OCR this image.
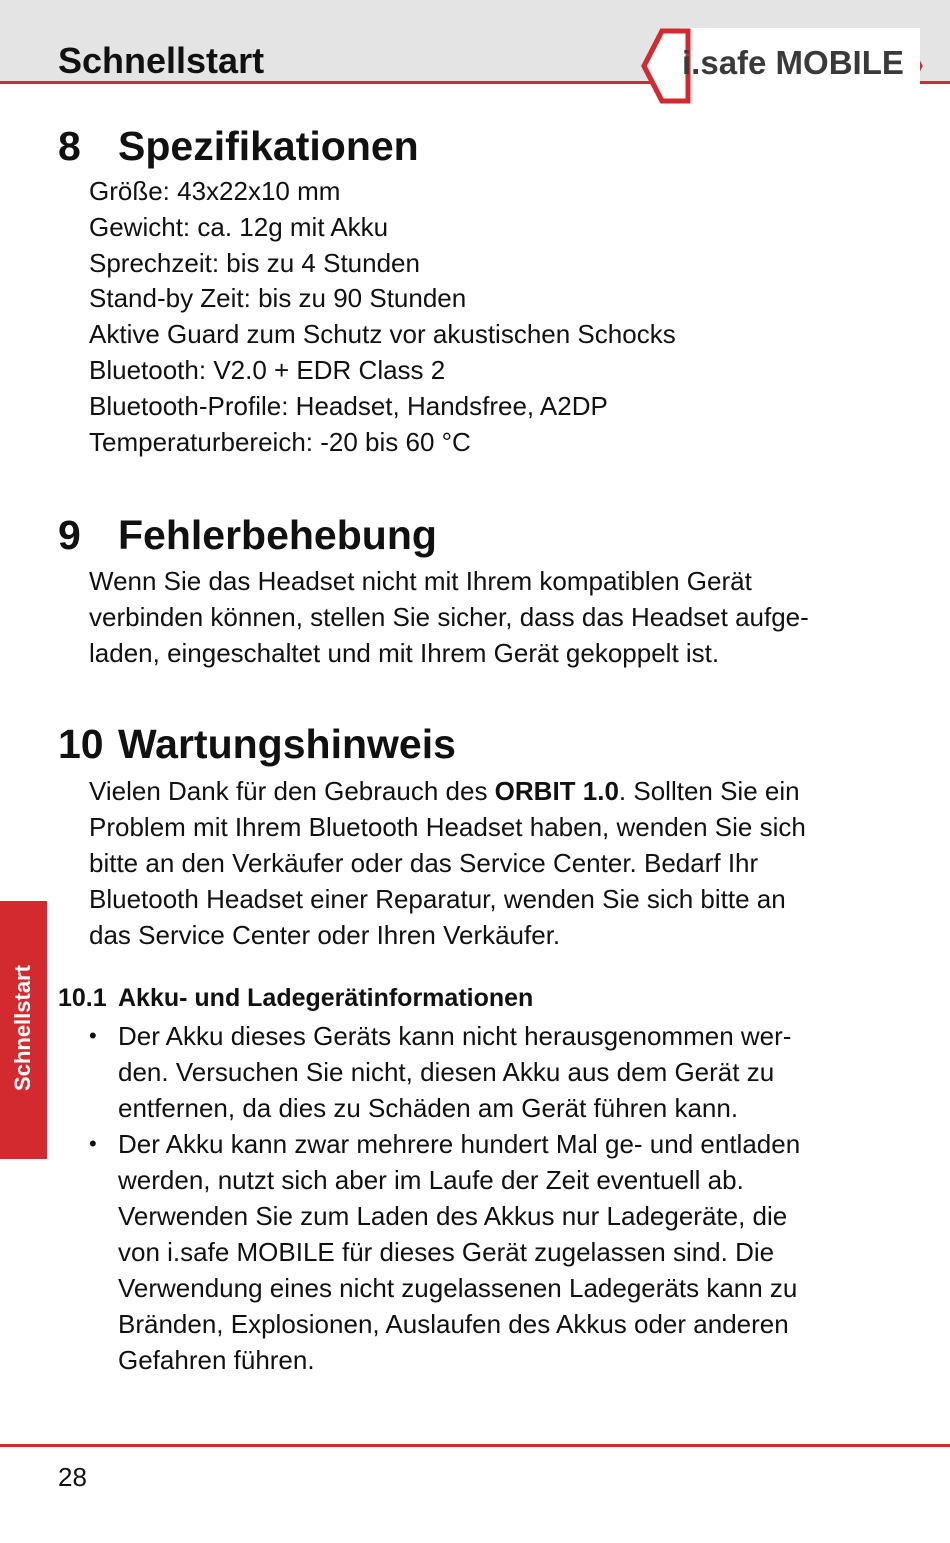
Schnellstart	i.safe MOBILE
8 Spezifikationen
Größe: 43x22x10 mm
Gewicht: ca. 12g mit Akku
Sprechzeit: bis zu 4 Stunden
Stand-by Zeit: bis zu 90 Stunden
Aktive Guard zum Schutz vor akustischen Schocks
Bluetooth: V2.0 + EDR Class 2
Bluetooth-Profile: Headset, Handsfree, A2DP
Temperaturbereich: -20 bis 60 °C
9 Fehlerbehebung

Wenn Sie das Headset nicht mit Ihrem kompatiblen Gerät

verbinden können, stellen Sie sicher, dass das Headset aufge-

laden, eingeschaltet und mit Ihrem Gerät gekoppelt ist.

10 Wartungshinweis

Vielen Dank für den Gebrauch des ORBIT 1.0. Sollten Sie ein

Problem mit Ihrem Bluetooth Headset haben, wenden Sie sich

bitte an den Verkäufer oder das Service Center. Bedarf Ihr

Bluetooth Headset einer Reparatur, wenden Sie sich bitte an

das Service Center oder Ihren Verkäufer.

10.1 Akku- und Ladegerätinformationen
• Der Akku dieses Geräts kann nicht herausgenommen wer-
den. Versuchen Sie nicht, diesen Akku aus dem Gerät zu
entfernen, da dies zu Schäden am Gerät führen kann.
• Der Akku kann zwar mehrere hundert Mal ge- und entladen
werden, nutzt sich aber im Laufe der Zeit eventuell ab.
Verwenden Sie zum Laden des Akkus nur Ladegeräte, die
von i.safe MOBILE für dieses Gerät zugelassen sind. Die
Verwendung eines nicht zugelassenen Ladegeräts kann zu
Bränden, Explosionen, Auslaufen des Akkus oder anderen
Gefahren führen.
Schnellstart
28
